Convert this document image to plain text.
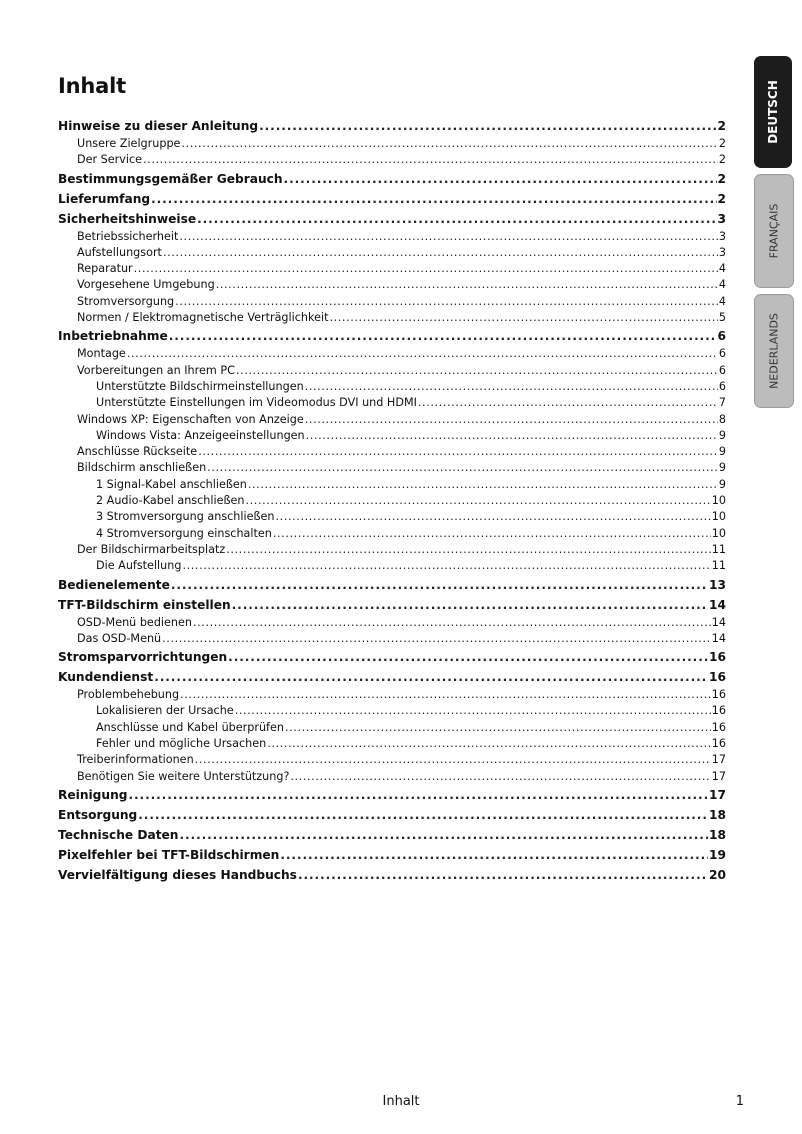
Inhalt
Hinweise zu dieser Anleitung .....	2
Unsere Zielgruppe .....	2
Der Service .....	2
Bestimmungsgemäßer Gebrauch .....	2
Lieferumfang .....	2
Sicherheitshinweise .....	3
Betriebssicherheit .....	3
Aufstellungsort .....	3
Reparatur .....	4
Vorgesehene Umgebung .....	4
Stromversorgung .....	4
Normen / Elektromagnetische Verträglichkeit .....	5
Inbetriebnahme .....	6
Montage .....	6
Vorbereitungen an Ihrem PC .....	6
Unterstützte Bildschirmeinstellungen .....	6
Unterstützte Einstellungen im Videomodus DVI und HDMI .....	7
Windows XP: Eigenschaften von Anzeige .....	8
Windows Vista: Anzeigeeinstellungen .....	9
Anschlüsse Rückseite .....	9
Bildschirm anschließen .....	9
1 Signal-Kabel anschließen .....	9
2 Audio-Kabel anschließen .....	10
3 Stromversorgung anschließen .....	10
4 Stromversorgung einschalten .....	10
Der Bildschirmarbeitsplatz .....	11
Die Aufstellung .....	11
Bedienelemente .....	13
TFT-Bildschirm einstellen .....	14
OSD-Menü bedienen .....	14
Das OSD-Menü .....	14
Stromsparvorrichtungen .....	16
Kundendienst .....	16
Problembehebung .....	16
Lokalisieren der Ursache .....	16
Anschlüsse und Kabel überprüfen .....	16
Fehler und mögliche Ursachen .....	16
Treiberinformationen .....	17
Benötigen Sie weitere Unterstützung? .....	17
Reinigung .....	17
Entsorgung .....	18
Technische Daten .....	18
Pixelfehler bei TFT-Bildschirmen .....	19
Vervielfältigung dieses Handbuchs .....	20
DEUTSCH
FRANÇAIS
NEDERLANDS
Inhalt	1
